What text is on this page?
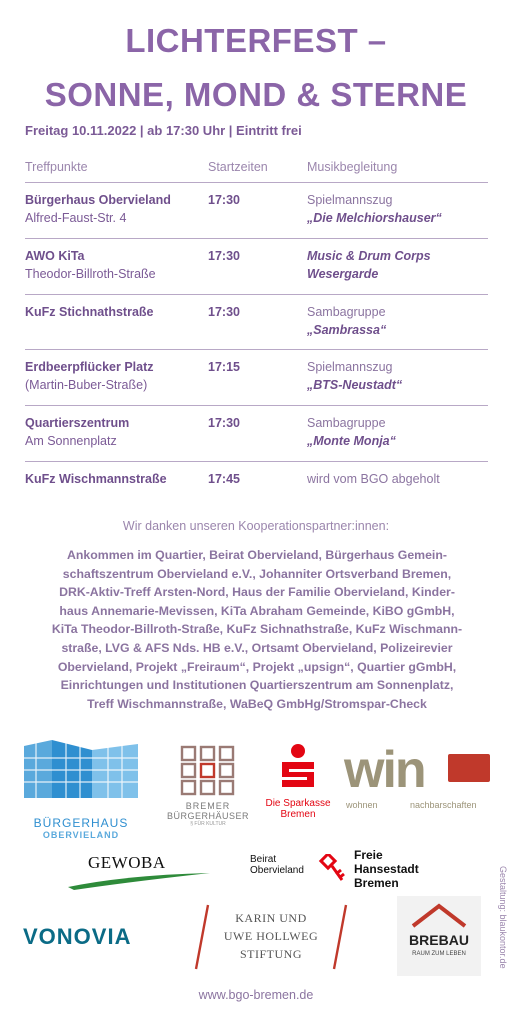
LICHTERFEST –
SONNE, MOND & STERNE
Freitag 10.11.2022 | ab 17:30 Uhr | Eintritt frei
Treffpunkte	Startzeiten	Musikbegleitung
Bürgerhaus Obervieland
Alfred-Faust-Str. 4
17:30	Spielmannszug
„Die Melchiorshauser“
AWO KiTa
Theodor-Billroth-Straße
17:30	Music & Drum Corps
Wesergarde
KuFz Stichnathstraße	17:30	Sambagruppe
„Sambrassa“
Erdbeerpflücker Platz
(Martin-Buber-Straße)
17:15	Spielmannszug
„BTS-Neustadt“
Quartierszentrum
Am Sonnenplatz
17:30	Sambagruppe
„Monte Monja“
KuFz Wischmannstraße	17:45	wird vom BGO abgeholt
Wir danken unseren Kooperationspartner:innen:
Ankommen im Quartier, Beirat Obervieland, Bürgerhaus Gemein-
schaftszentrum Obervieland e.V., Johanniter Ortsverband Bremen,
DRK-Aktiv-Treff Arsten-Nord, Haus der Familie Obervieland, Kinder-
haus Annemarie-Mevissen, KiTa Abraham Gemeinde, KiBO gGmbH,
KiTa Theodor-Billroth-Straße, KuFz Sichnathstraße, KuFz Wischmann-
straße, LVG & AFS Nds. HB e.V., Ortsamt Obervieland, Polizeirevier
Obervieland, Projekt „Freiraum“, Projekt „upsign“, Quartier gGmbH,
Einrichtungen und Institutionen Quartierszentrum am Sonnenplatz,
Treff Wischmannstraße, WaBeQ GmbHg/Stromspar-Check
BÜRGERHAUS
OBERVIELAND
BREMER
BÜRGERHÄUSER
§ FÜR KULTUR
Die Sparkasse
Bremen
win
wohnen	nachbarschaften
GEWOBA	Beirat
Obervieland
Freie
Hansestadt
Bremen
VONOVIA
KARIN UND
UWE HOLLWEG
STIFTUNG
BREBAU
RAUM ZUM LEBEN	Gestaltung: blaukontor.de
www.bgo-bremen.de
